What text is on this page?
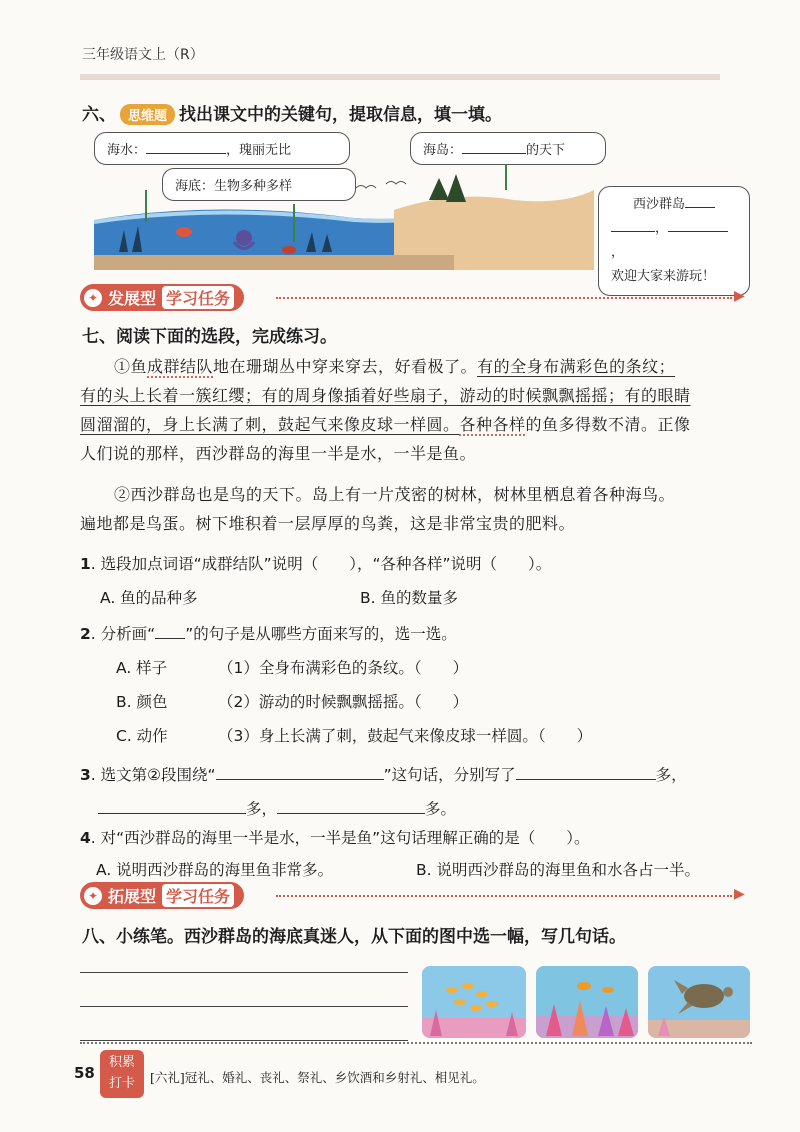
三年级语文上（R）
六、 思维题 找出课文中的关键句，提取信息，填一填。
海水：	，瑰丽无比	海岛：	的天下
海底：生物多种多样
西沙群岛
，，
欢迎大家来游玩！
✦ 发展型 学习任务	▶
七、阅读下面的选段，完成练习。
①鱼成群结队地在珊瑚丛中穿来穿去，好看极了。有的全身布满彩色的条纹；
有的头上长着一簇红缨；有的周身像插着好些扇子，游动的时候飘飘摇摇；有的眼睛
圆溜溜的，身上长满了刺，鼓起气来像皮球一样圆。各种各样的鱼多得数不清。正像
人们说的那样，西沙群岛的海里一半是水，一半是鱼。
②西沙群岛也是鸟的天下。岛上有一片茂密的树林，树林里栖息着各种海鸟。
遍地都是鸟蛋。树下堆积着一层厚厚的鸟粪，这是非常宝贵的肥料。
1. 选段加点词语“成群结队”说明（　　），“各种各样”说明（　　）。
A. 鱼的品种多	B. 鱼的数量多
2. 分析画“ ”的句子是从哪些方面来写的，选一选。
A. 样子
B. 颜色
C. 动作
（1）全身布满彩色的条纹。（　　）
（2）游动的时候飘飘摇摇。（　　）
（3）身上长满了刺，鼓起气来像皮球一样圆。（　　）
3. 选文第②段围绕“	”这句话，分别写了	多，
多，	多。
4. 对“西沙群岛的海里一半是水，一半是鱼”这句话理解正确的是（　　）。
A. 说明西沙群岛的海里鱼非常多。	B. 说明西沙群岛的海里鱼和水各占一半。
✦ 拓展型 学习任务	▶
八、小练笔。西沙群岛的海底真迷人，从下面的图中选一幅，写几句话。
58
积累
打卡	[六礼]冠礼、婚礼、丧礼、祭礼、乡饮酒和乡射礼、相见礼。
